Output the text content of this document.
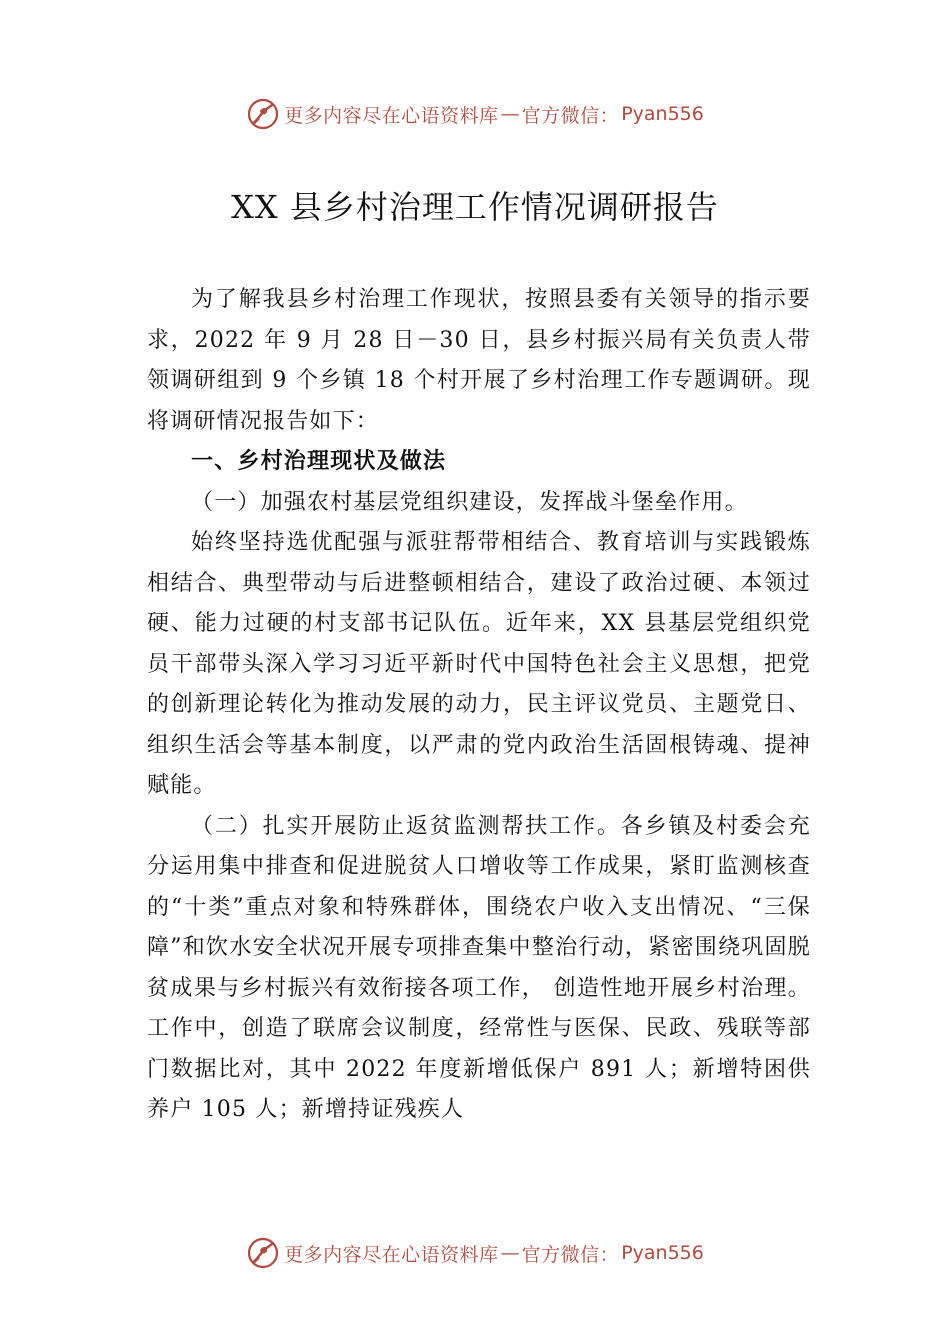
更多内容尽在心语资料库 — 官方微信： Pyan556
XX 县乡村治理工作情况调研报告

为了解我县乡村治理工作现状，按照县委有关领导的指示要求，2022 年 9 月 28 日－30 日，县乡村振兴局有关负责人带领调研组到 9 个乡镇 18 个村开展了乡村治理工作专题调研。现将调研情况报告如下：

一、乡村治理现状及做法

（一）加强农村基层党组织建设，发挥战斗堡垒作用。

始终坚持选优配强与派驻帮带相结合、教育培训与实践锻炼相结合、典型带动与后进整顿相结合，建设了政治过硬、本领过硬、能力过硬的村支部书记队伍。近年来，XX 县基层党组织党员干部带头深入学习习近平新时代中国特色社会主义思想，把党的创新理论转化为推动发展的动力，民主评议党员、主题党日、组织生活会等基本制度，以严肃的党内政治生活固根铸魂、提神赋能。

（二）扎实开展防止返贫监测帮扶工作。各乡镇及村委会充分运用集中排查和促进脱贫人口增收等工作成果，紧盯监测核查的“十类”重点对象和特殊群体，围绕农户收入支出情况、“三保障”和饮水安全状况开展专项排查集中整治行动，紧密围绕巩固脱贫成果与乡村振兴有效衔接各项工作， 创造性地开展乡村治理。工作中，创造了联席会议制度，经常性与医保、民政、残联等部门数据比对，其中 2022 年度新增低保户 891 人；新增特困供养户 105 人；新增持证残疾人

更多内容尽在心语资料库 — 官方微信： Pyan556
